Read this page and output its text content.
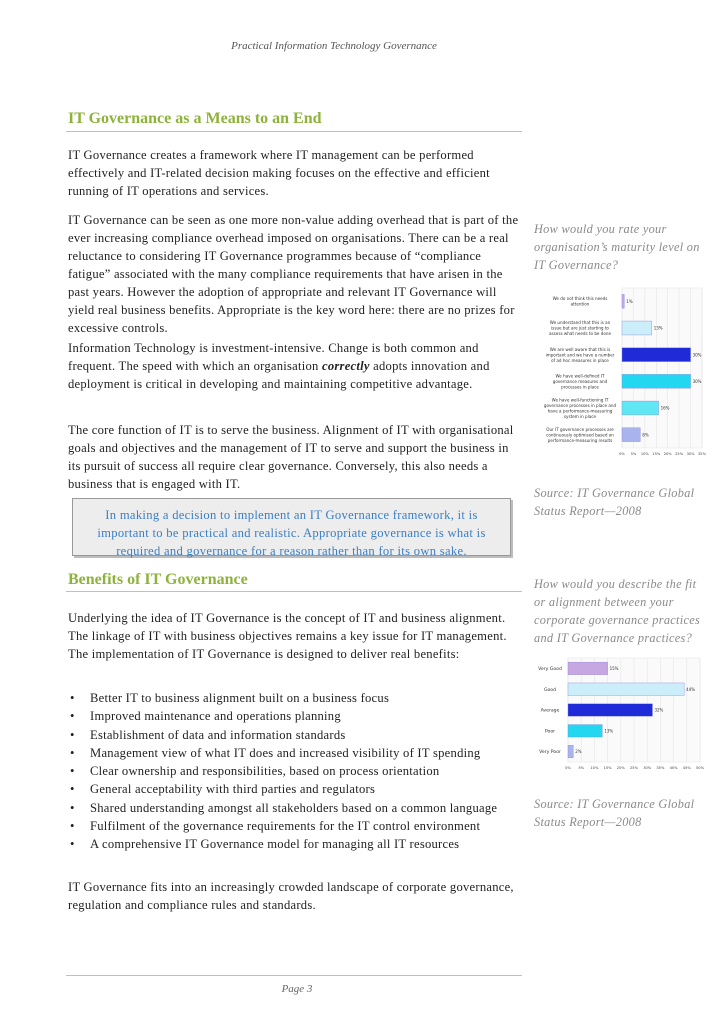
Practical Information Technology Governance
IT Governance as a Means to an End

IT Governance creates a framework where IT management can be performed effectively and IT-related decision making focuses on the effective and efficient running of IT operations and services.

IT Governance can be seen as one more non-value adding overhead that is part of the ever increasing compliance overhead imposed on organisations. There can be a real reluctance to considering IT Governance programmes because of “compliance fatigue” associated with the many compliance requirements that have arisen in the past years. However the adoption of appropriate and relevant IT Governance will yield real business benefits. Appropriate is the key word here: there are no prizes for excessive controls.

Information Technology is investment-intensive. Change is both common and frequent. The speed with which an organisation correctly adopts innovation and deployment is critical in developing and maintaining competitive advantage.

The core function of IT is to serve the business. Alignment of IT with organisational goals and objectives and the management of IT to serve and support the business in its pursuit of success all require clear governance. Conversely, this also needs a business that is engaged with IT.

In making a decision to implement an IT Governance framework, it is important to be practical and realistic. Appropriate governance is what is required and governance for a reason rather than for its own sake.

Benefits of IT Governance

Underlying the idea of IT Governance is the concept of IT and business alignment. The linkage of IT with business objectives remains a key issue for IT management. The implementation of IT Governance is designed to deliver real benefits:

• Better IT to business alignment built on a business focus
• Improved maintenance and operations planning
• Establishment of data and information standards
• Management view of what IT does and increased visibility of IT spending
• Clear ownership and responsibilities, based on process orientation
• General acceptability with third parties and regulators
• Shared understanding amongst all stakeholders based on a common language
• Fulfilment of the governance requirements for the IT control environment
• A comprehensive IT Governance model for managing all IT resources

IT Governance fits into an increasingly crowded landscape of corporate governance, regulation and compliance rules and standards.

How would you rate your organisation’s maturity level on IT Governance?

0% 5% 10% 15% 20% 25% 30% 35%
1%
We do not think this needs attention
13%
We understand that this is an issue but are just starting to assess what needs to be done
30%
We are well aware that this is important and we have a number of ad hoc measures in place
30%
We have well-defined IT governance measures and processes in place
16%
We have well-functioning IT governance processes in place and have a performance-measuring system in place
8%
Our IT governance processes are continuously optimised based on performance-measuring results

Source: IT Governance Global Status Report—2008

How would you describe the fit or alignment between your corporate governance practices and IT Governance practices?

0% 5% 10% 15% 20% 25% 30% 35% 40% 45% 50%
15%
Very Good
44%
Good
32%
Average
13%
Poor
2%
Very Poor

Source: IT Governance Global Status Report—2008

Page 3
